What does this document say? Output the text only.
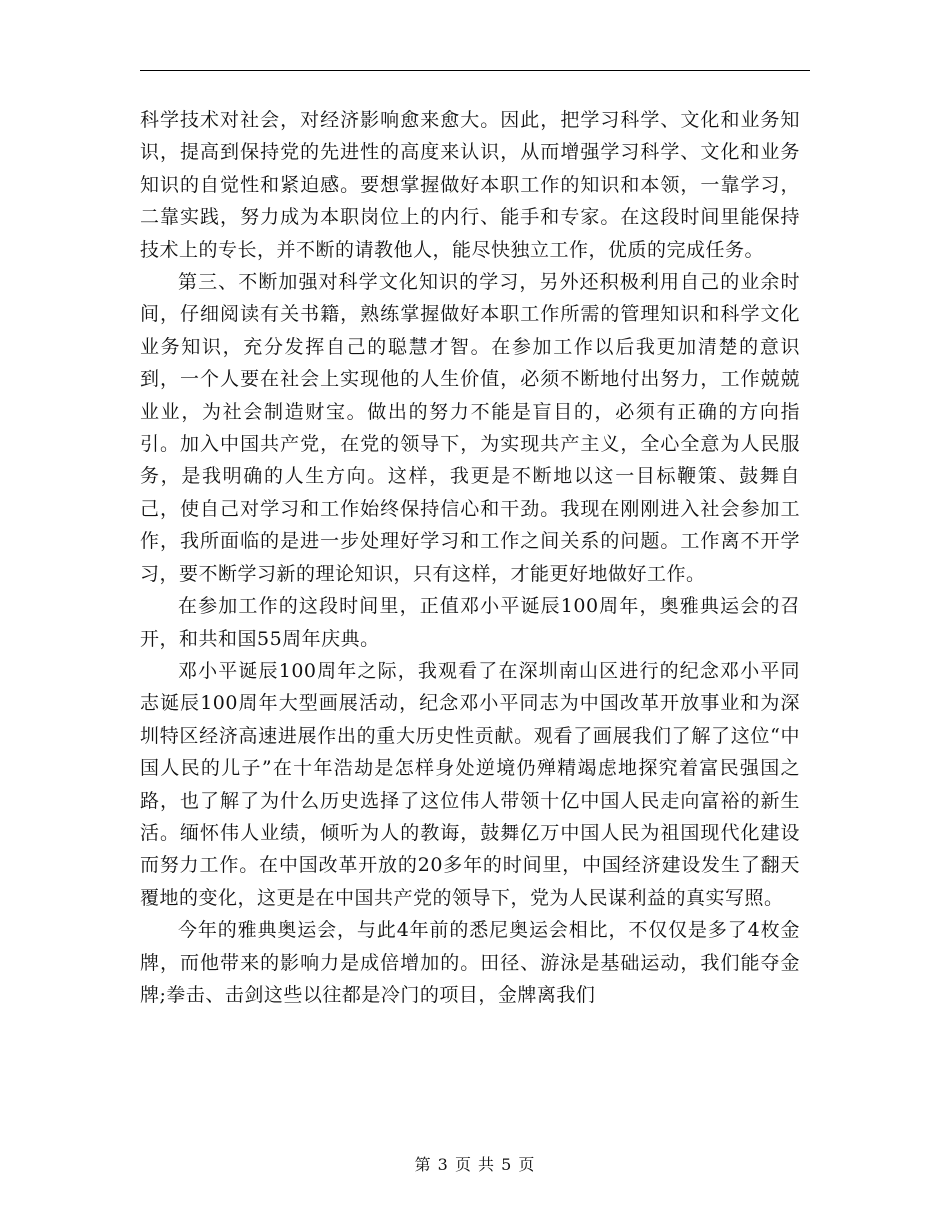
科学技术对社会，对经济影响愈来愈大。因此，把学习科学、文化和业务知识，提高到保持党的先进性的高度来认识，从而增强学习科学、文化和业务知识的自觉性和紧迫感。要想掌握做好本职工作的知识和本领，一靠学习，二靠实践，努力成为本职岗位上的内行、能手和专家。在这段时间里能保持技术上的专长，并不断的请教他人，能尽快独立工作，优质的完成任务。

第三、不断加强对科学文化知识的学习，另外还积极利用自己的业余时间，仔细阅读有关书籍，熟练掌握做好本职工作所需的管理知识和科学文化业务知识，充分发挥自己的聪慧才智。在参加工作以后我更加清楚的意识到，一个人要在社会上实现他的人生价值，必须不断地付出努力，工作兢兢业业，为社会制造财宝。做出的努力不能是盲目的，必须有正确的方向指引。加入中国共产党，在党的领导下，为实现共产主义，全心全意为人民服务，是我明确的人生方向。这样，我更是不断地以这一目标鞭策、鼓舞自己，使自己对学习和工作始终保持信心和干劲。我现在刚刚进入社会参加工作，我所面临的是进一步处理好学习和工作之间关系的问题。工作离不开学习，要不断学习新的理论知识，只有这样，才能更好地做好工作。

在参加工作的这段时间里，正值邓小平诞辰100周年，奥雅典运会的召开，和共和国55周年庆典。

邓小平诞辰100周年之际，我观看了在深圳南山区进行的纪念邓小平同志诞辰100周年大型画展活动，纪念邓小平同志为中国改革开放事业和为深圳特区经济高速进展作出的重大历史性贡献。观看了画展我们了解了这位“中国人民的儿子”在十年浩劫是怎样身处逆境仍殚精竭虑地探究着富民强国之路，也了解了为什么历史选择了这位伟人带领十亿中国人民走向富裕的新生活。缅怀伟人业绩，倾听为人的教诲，鼓舞亿万中国人民为祖国现代化建设而努力工作。在中国改革开放的20多年的时间里，中国经济建设发生了翻天覆地的变化，这更是在中国共产党的领导下，党为人民谋利益的真实写照。

今年的雅典奥运会，与此4年前的悉尼奥运会相比，不仅仅是多了4枚金牌，而他带来的影响力是成倍增加的。田径、游泳是基础运动，我们能夺金牌;拳击、击剑这些以往都是冷门的项目，金牌离我们

第 3 页 共 5 页
